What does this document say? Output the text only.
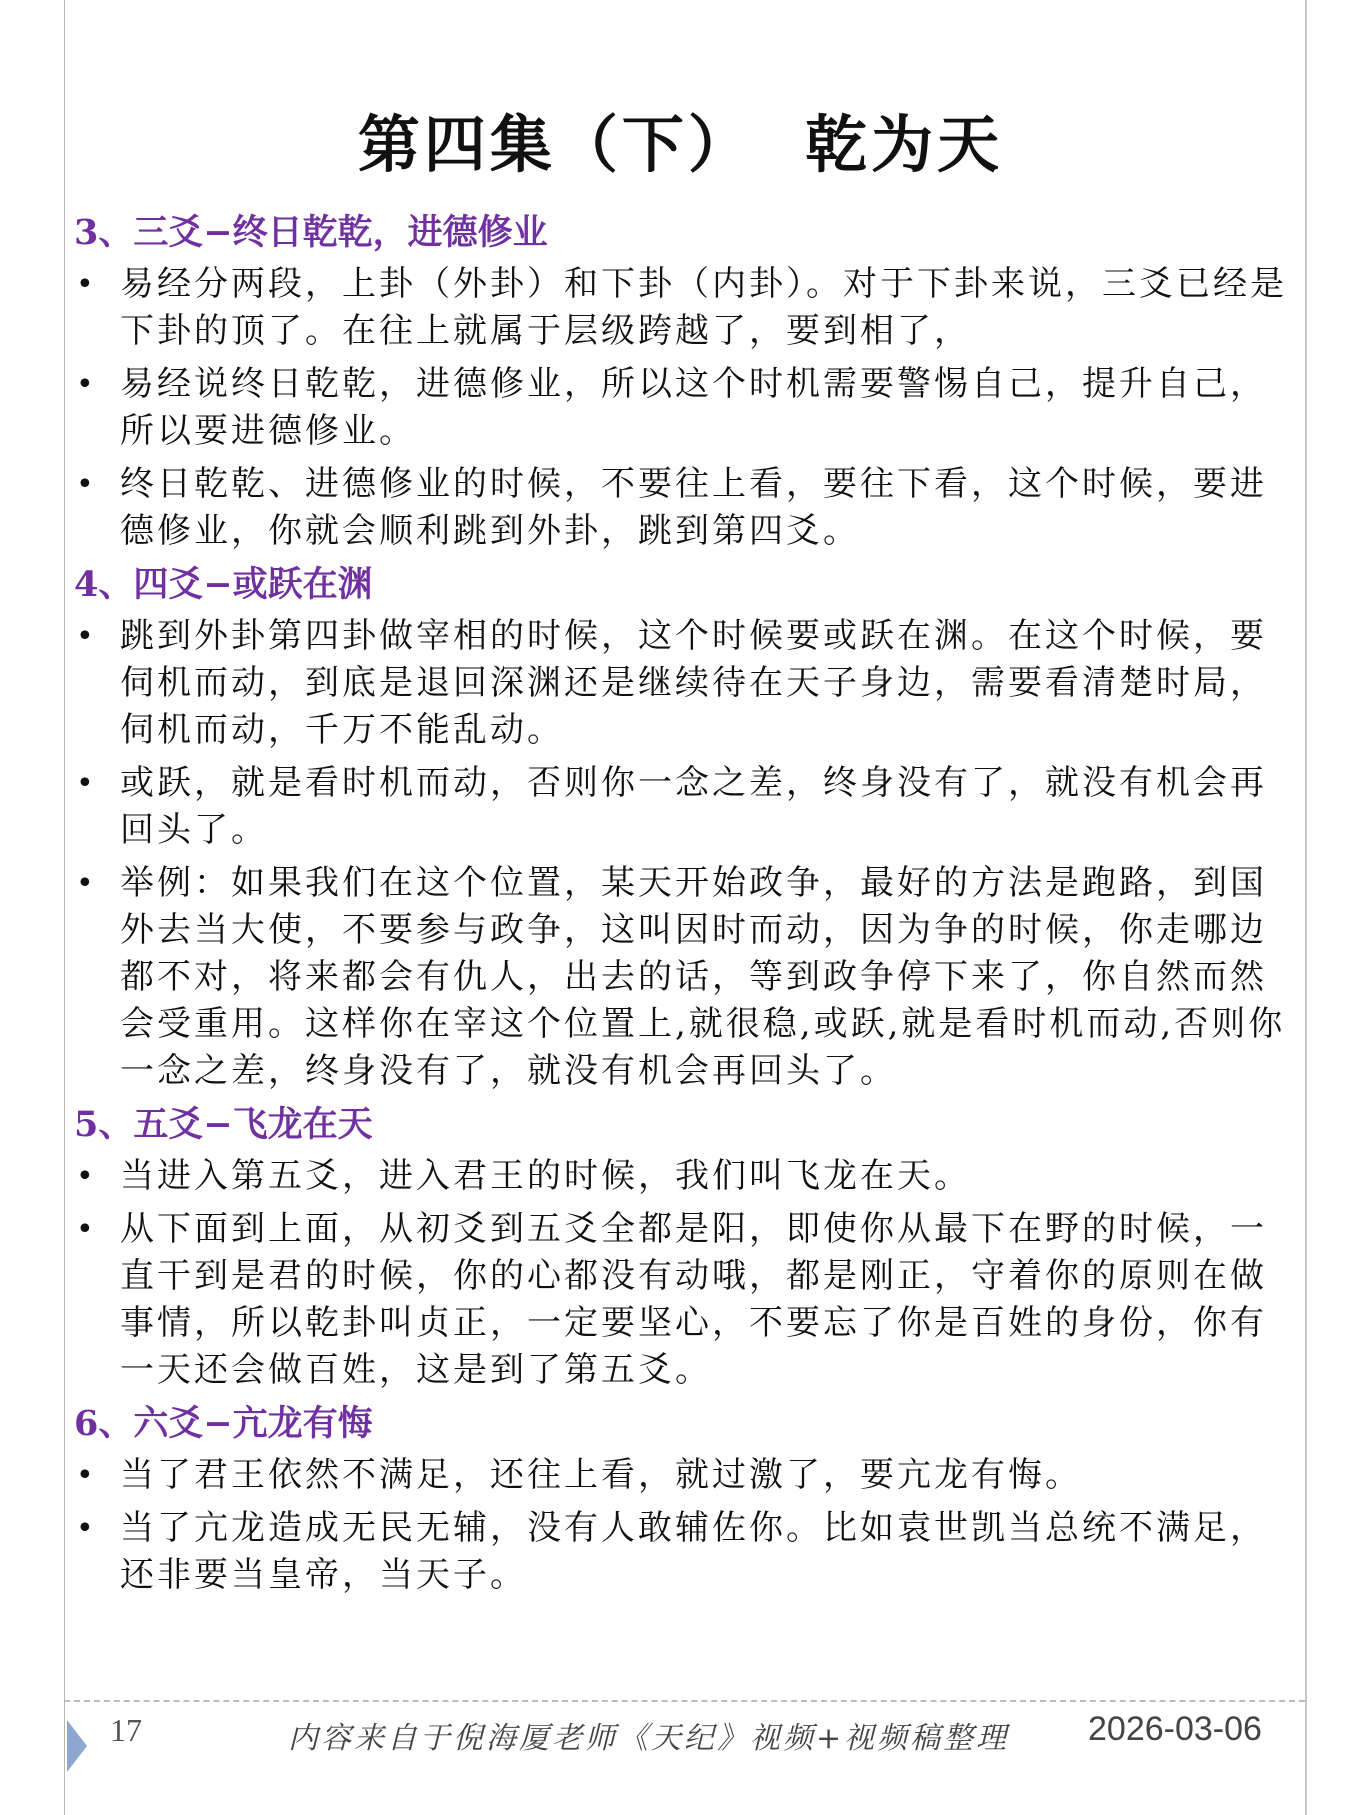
第四集（下）  乾为天
3、三爻−终日乾乾，进德修业
• 易经分两段，上卦（外卦）和下卦（内卦）。对于下卦来说，三爻已经是下卦的顶了。在往上就属于层级跨越了，要到相了，
• 易经说终日乾乾，进德修业，所以这个时机需要警惕自己，提升自己，所以要进德修业。
• 终日乾乾、进德修业的时候，不要往上看，要往下看，这个时候，要进德修业，你就会顺利跳到外卦，跳到第四爻。
4、四爻−或跃在渊
• 跳到外卦第四卦做宰相的时候，这个时候要或跃在渊。在这个时候，要伺机而动，到底是退回深渊还是继续待在天子身边，需要看清楚时局，伺机而动，千万不能乱动。
• 或跃，就是看时机而动，否则你一念之差，终身没有了，就没有机会再回头了。
• 举例：如果我们在这个位置，某天开始政争，最好的方法是跑路，到国外去当大使，不要参与政争，这叫因时而动，因为争的时候，你走哪边都不对，将来都会有仇人，出去的话，等到政争停下来了，你自然而然会受重用。这样你在宰这个位置上,就很稳,或跃,就是看时机而动,否则你一念之差，终身没有了，就没有机会再回头了。
5、五爻−飞龙在天
• 当进入第五爻，进入君王的时候，我们叫飞龙在天。
• 从下面到上面，从初爻到五爻全都是阳，即使你从最下在野的时候，一直干到是君的时候，你的心都没有动哦，都是刚正，守着你的原则在做事情，所以乾卦叫贞正，一定要坚心，不要忘了你是百姓的身份，你有一天还会做百姓，这是到了第五爻。
6、六爻−亢龙有悔
• 当了君王依然不满足，还往上看，就过激了，要亢龙有悔。
• 当了亢龙造成无民无辅，没有人敢辅佐你。比如袁世凯当总统不满足，还非要当皇帝，当天子。
17	内容来自于倪海厦老师《天纪》视频+视频稿整理 2026-03-06
